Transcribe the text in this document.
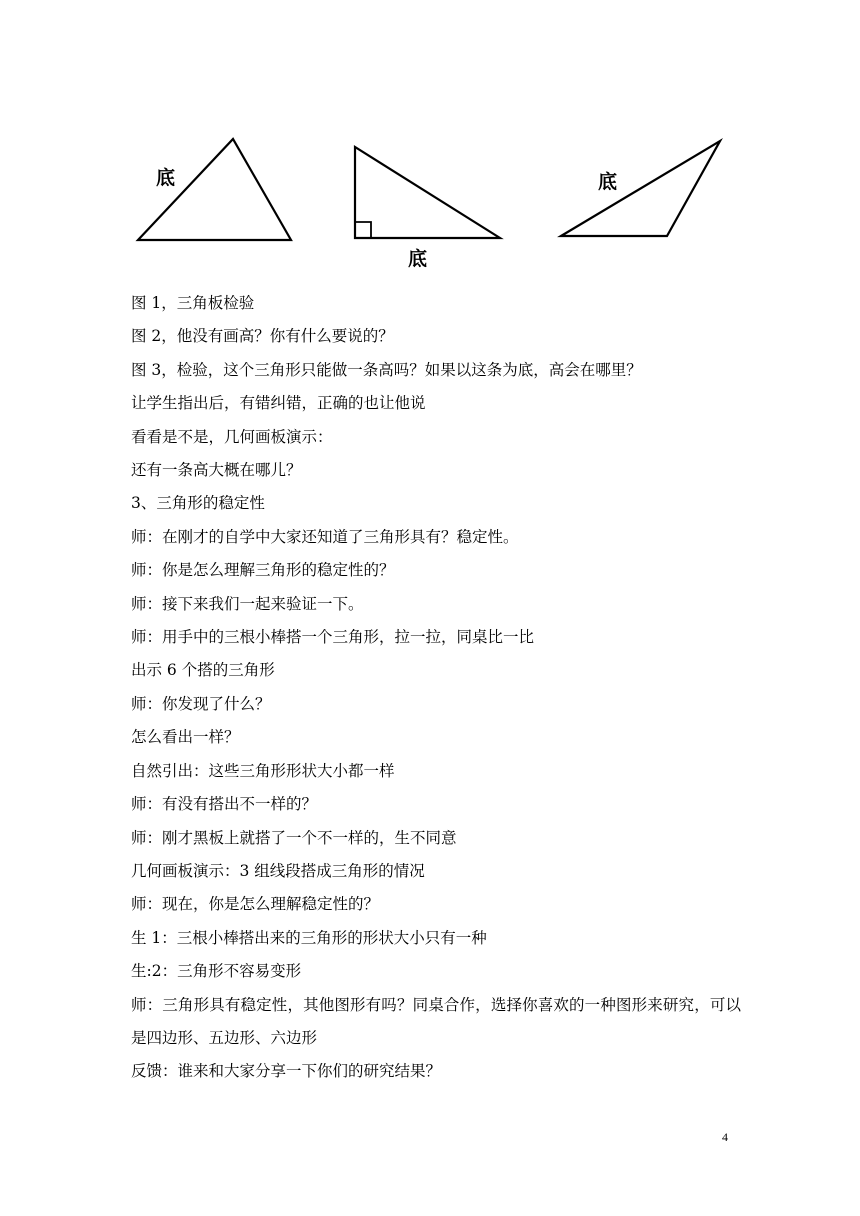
底
底
底

图 1，三角板检验

图 2，他没有画高？你有什么要说的？

图 3，检验，这个三角形只能做一条高吗？如果以这条为底，高会在哪里？

让学生指出后，有错纠错，正确的也让他说

看看是不是，几何画板演示：

还有一条高大概在哪儿？

3、三角形的稳定性

师：在刚才的自学中大家还知道了三角形具有？稳定性。

师：你是怎么理解三角形的稳定性的？

师：接下来我们一起来验证一下。

师：用手中的三根小棒搭一个三角形，拉一拉，同桌比一比

出示 6 个搭的三角形

师：你发现了什么？

怎么看出一样？

自然引出：这些三角形形状大小都一样

师：有没有搭出不一样的？

师：刚才黑板上就搭了一个不一样的，生不同意

几何画板演示：3 组线段搭成三角形的情况

师：现在，你是怎么理解稳定性的？

生 1：三根小棒搭出来的三角形的形状大小只有一种

生:2：三角形不容易变形

师：三角形具有稳定性，其他图形有吗？同桌合作，选择你喜欢的一种图形来研究，可以是四边形、五边形、六边形

反馈：谁来和大家分享一下你们的研究结果？

4
